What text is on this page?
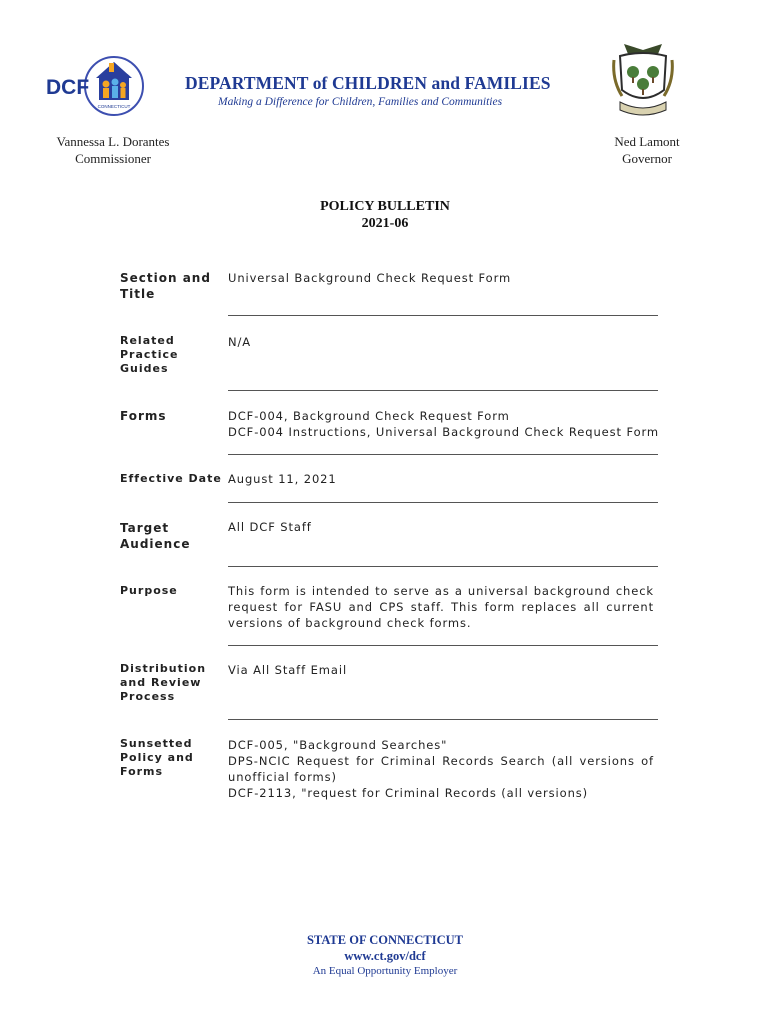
DCF
CONNECTICUT
DEPARTMENT of CHILDREN and FAMILIES
Making a Difference for Children, Families and Communities
Vannessa L. Dorantes
Commissioner
Ned Lamont
Governor
POLICY BULLETIN
2021-06
Section and
Title
Universal Background Check Request Form
Related
Practice
Guides
N/A
Forms	DCF-004, Background Check Request Form
DCF-004 Instructions, Universal Background Check Request Form
Effective Date August 11, 2021
Target
Audience
All DCF Staff
Purpose	This form is intended to serve as a universal background check
request for FASU and CPS staff. This form replaces all current
versions of background check forms.
Distribution
and Review
Process
Via All Staff Email
Sunsetted
Policy and
Forms
DCF-005, "Background Searches"
DPS-NCIC Request for Criminal Records Search (all versions of
unofficial forms)
DCF-2113, "request for Criminal Records (all versions)
STATE OF CONNECTICUT
www.ct.gov/dcf
An Equal Opportunity Employer
